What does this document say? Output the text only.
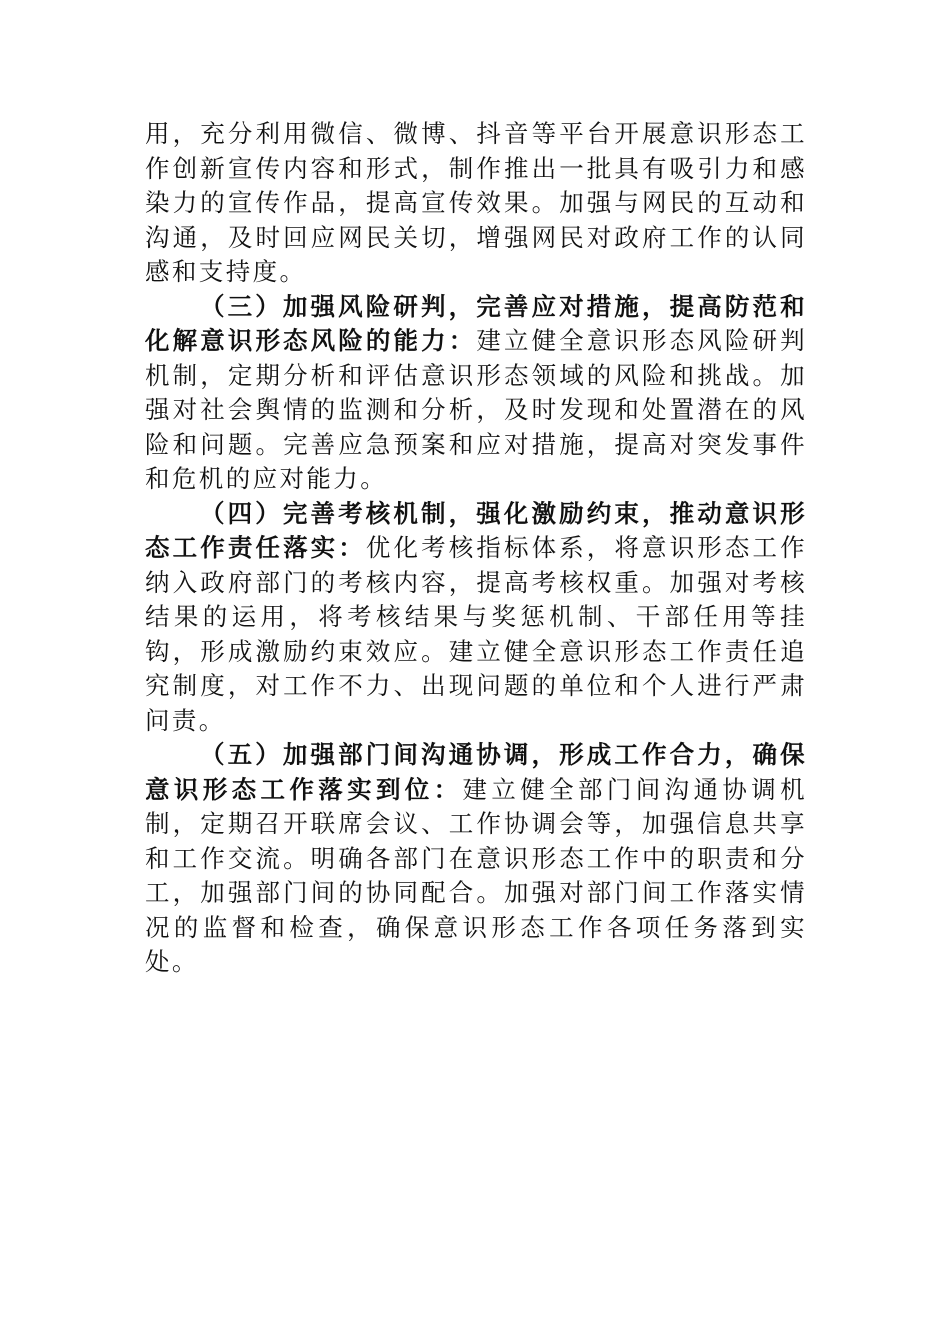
用，充分利用微信、微博、抖音等平台开展意识形态工作创新宣传内容和形式，制作推出一批具有吸引力和感染力的宣传作品，提高宣传效果。加强与网民的互动和沟通，及时回应网民关切，增强网民对政府工作的认同感和支持度。

（三）加强风险研判，完善应对措施，提高防范和化解意识形态风险的能力：建立健全意识形态风险研判机制，定期分析和评估意识形态领域的风险和挑战。加强对社会舆情的监测和分析，及时发现和处置潜在的风险和问题。完善应急预案和应对措施，提高对突发事件和危机的应对能力。

（四）完善考核机制，强化激励约束，推动意识形态工作责任落实：优化考核指标体系，将意识形态工作纳入政府部门的考核内容，提高考核权重。加强对考核结果的运用，将考核结果与奖惩机制、干部任用等挂钩，形成激励约束效应。建立健全意识形态工作责任追究制度，对工作不力、出现问题的单位和个人进行严肃问责。

（五）加强部门间沟通协调，形成工作合力，确保意识形态工作落实到位：建立健全部门间沟通协调机制，定期召开联席会议、工作协调会等，加强信息共享和工作交流。明确各部门在意识形态工作中的职责和分工，加强部门间的协同配合。加强对部门间工作落实情况的监督和检查，确保意识形态工作各项任务落到实处。
